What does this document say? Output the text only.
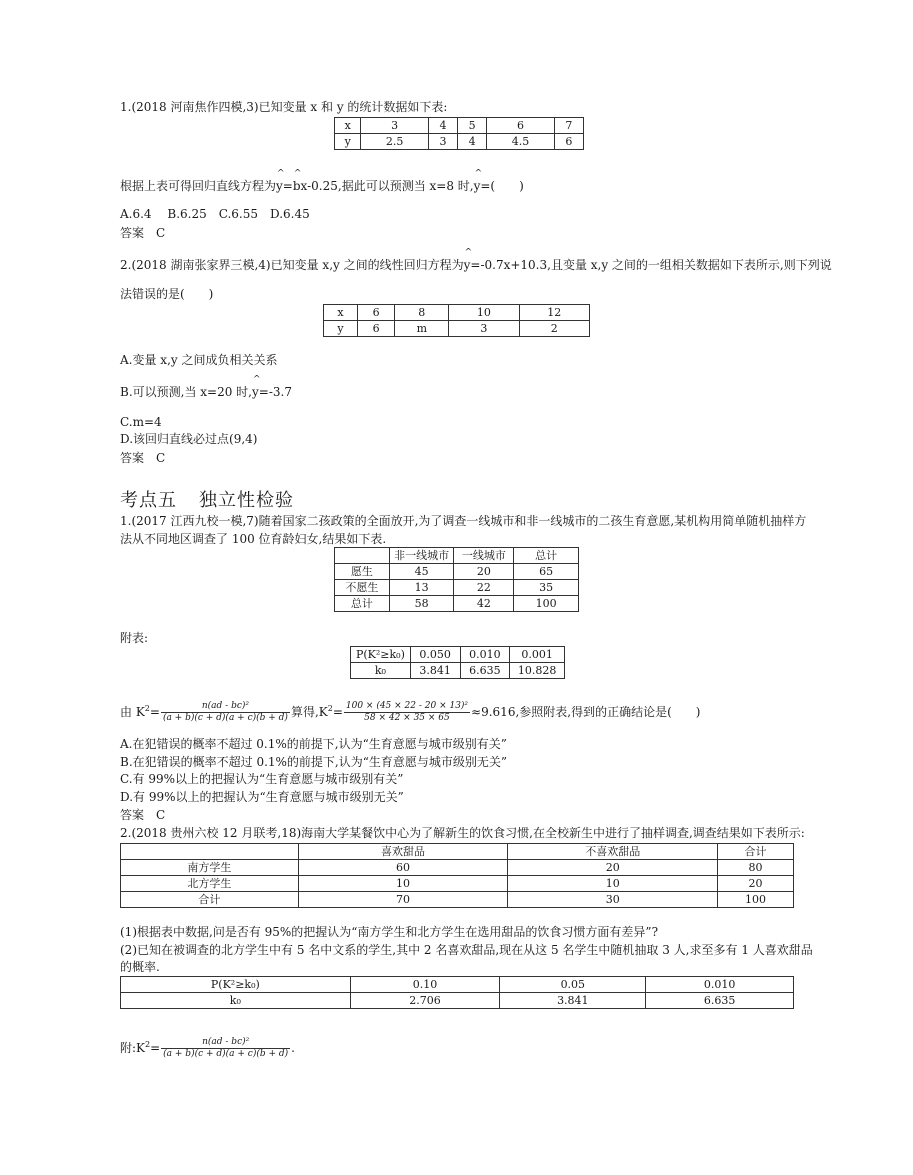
1.(2018 河南焦作四模,3)已知变量 x 和 y 的统计数据如下表:
x	3	4	5	6	7
y	2.5	3	4	4.5	6
根据上表可得回归直线方程为^ y=^ bx-0.25,据此可以预测当 x=8 时,^ y=(　　)
A.6.4　 B.6.25　C.6.55　D.6.45
答案　C
2.(2018 湖南张家界三模,4)已知变量 x,y 之间的线性回归方程为^ y=-0.7x+10.3,且变量 x,y 之间的一组相关数据如下表所示,则下列说
法错误的是(　　)
x	6	8	10	12
y	6	m	3	2
A.变量 x,y 之间成负相关关系
B.可以预测,当 x=20 时,^ y=-3.7
C.m=4
D.该回归直线必过点(9,4)
答案　C
考点五 独立性检验
1.(2017 江西九校一模,7)随着国家二孩政策的全面放开,为了调查一线城市和非一线城市的二孩生育意愿,某机构用简单随机抽样方
法从不同地区调查了 100 位育龄妇女,结果如下表.
	非一线城市	一线城市	总计
愿生	45	20	65
不愿生	13	22	35
总计	58	42	100
附表:
P(K²≥k₀)	0.050	0.010	0.001
k₀	3.841	6.635	10.828
由 $K^2= \frac{\text{n(ad - bc)²}}{(a + b)(c + d)(a + c)(b + d)}$ 算得$,K^2= \frac{\text{100 × (45 × 22 - 20 × 13)²}}{58 \times 42 \times 35 \times 65} \approx 9.616$,参照附表,得到的正确结论是(　　)
A.在犯错误的概率不超过 0.1%的前提下,认为“生育意愿与城市级别有关”
B.在犯错误的概率不超过 0.1%的前提下,认为“生育意愿与城市级别无关”
C.有 99%以上的把握认为“生育意愿与城市级别有关”
D.有 99%以上的把握认为“生育意愿与城市级别无关”
答案　C
2.(2018 贵州六校 12 月联考,18)海南大学某餐饮中心为了解新生的饮食习惯,在全校新生中进行了抽样调查,调查结果如下表所示:
	喜欢甜品	不喜欢甜品	合计
南方学生	60	20	80
北方学生	10	10	20
合计	70	30	100
(1)根据表中数据,问是否有 95%的把握认为“南方学生和北方学生在选用甜品的饮食习惯方面有差异”?
(2)已知在被调查的北方学生中有 5 名中文系的学生,其中 2 名喜欢甜品,现在从这 5 名学生中随机抽取 3 人,求至多有 1 人喜欢甜品
的概率.
P(K²≥k₀)	0.10	0.05	0.010
k₀	2.706	3.841	6.635
附$:K^2= \frac{\text{n(ad - bc)²}}{(a + b)(c + d)(a + c)(b + d)}$ .
